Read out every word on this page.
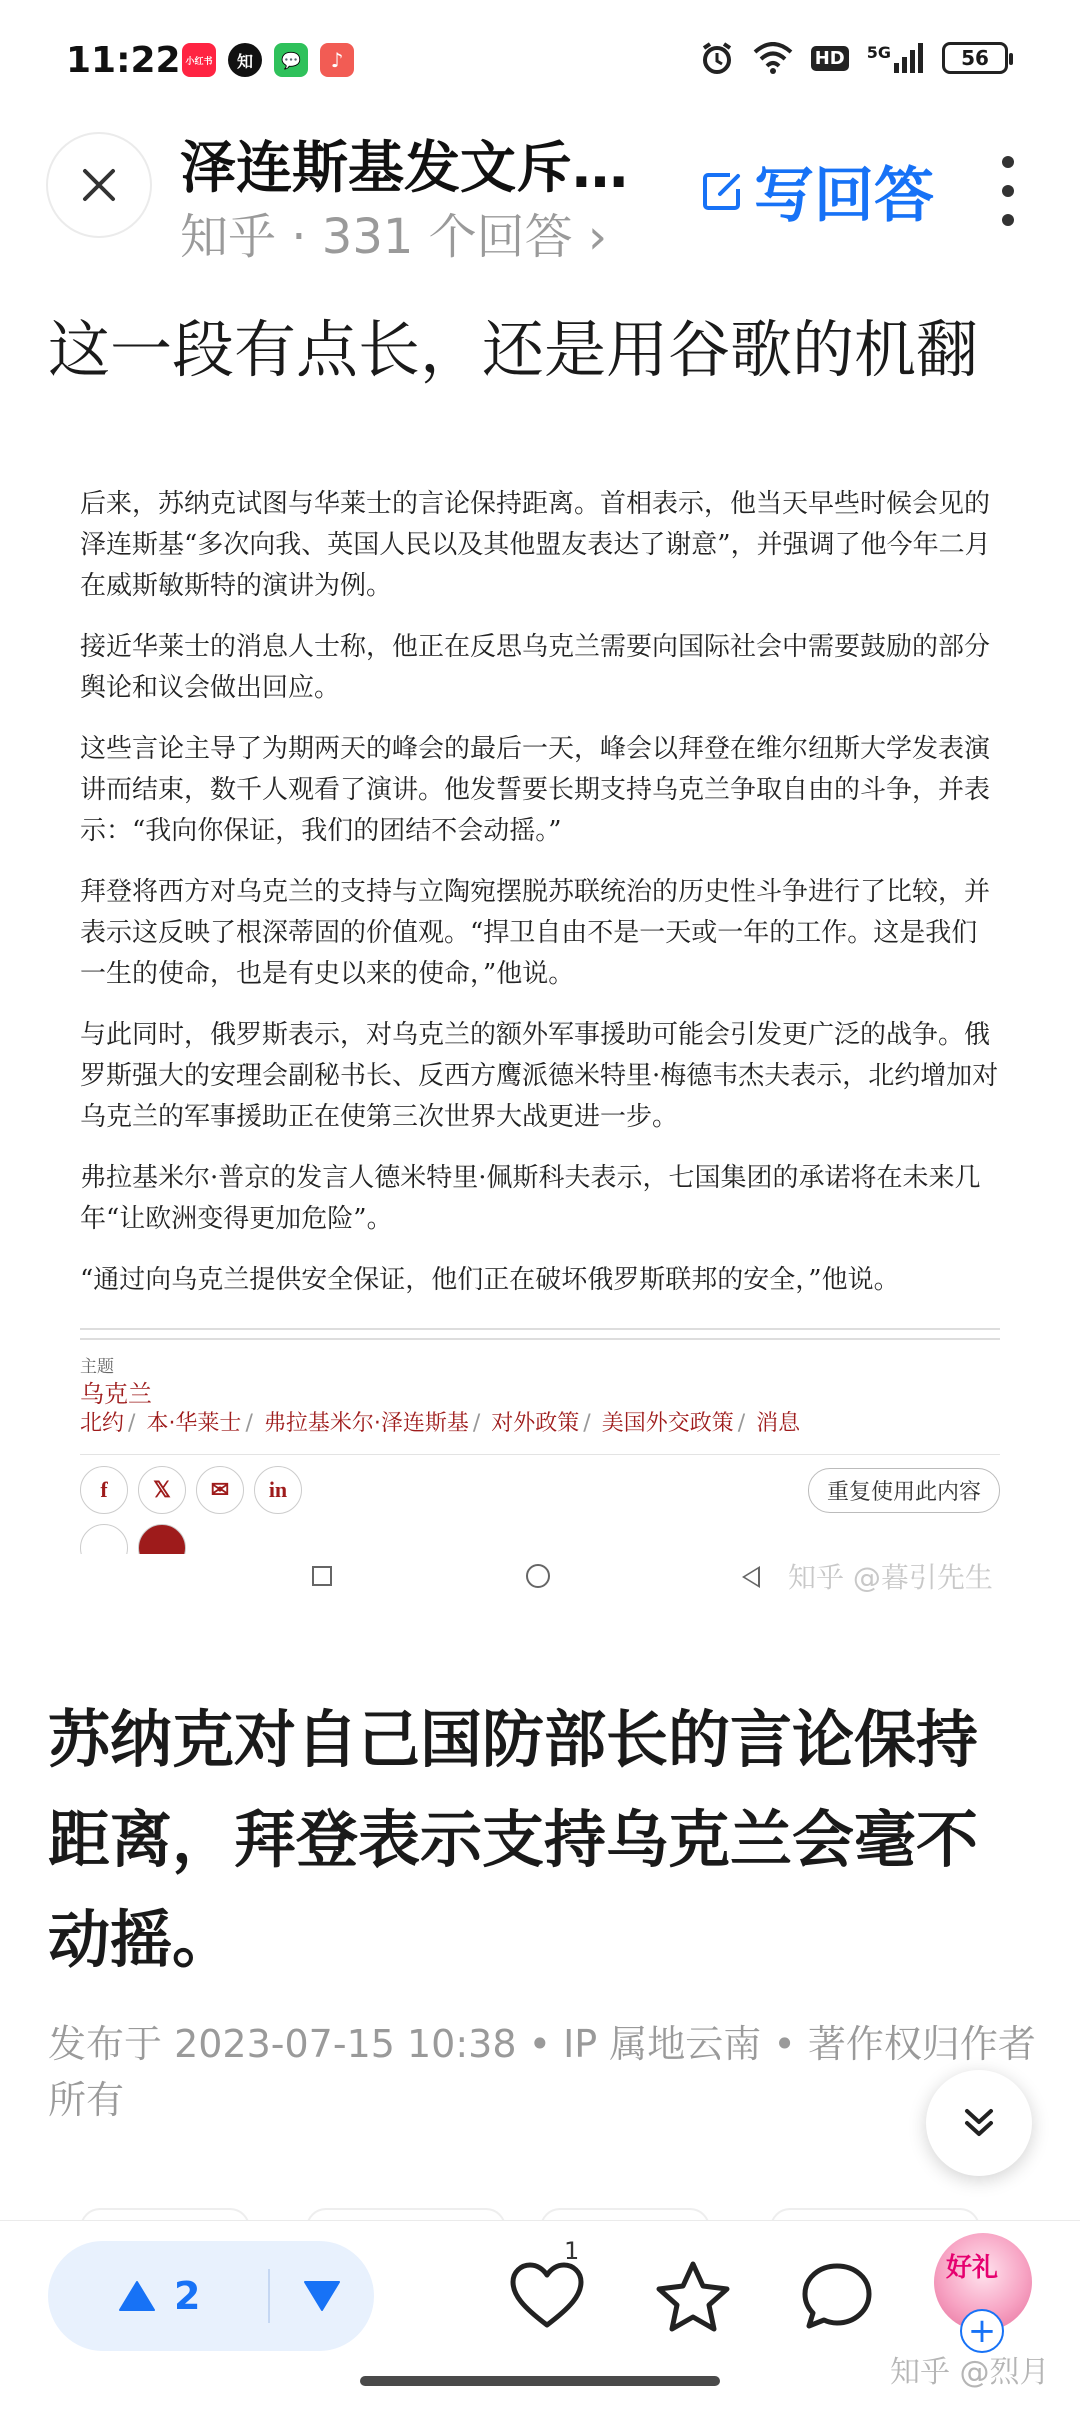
11:22 小红书	知	💬	♪	HD 5G	56
泽连斯基发文斥…
知乎 · 331 个回答 ›
写回答
这一段有点长，还是用谷歌的机翻

后来，苏纳克试图与华莱士的言论保持距离。首相表示，他当天早些时候会见的泽连斯基“多次向我、英国人民以及其他盟友表达了谢意”，并强调了他今年二月在威斯敏斯特的演讲为例。

接近华莱士的消息人士称，他正在反思乌克兰需要向国际社会中需要鼓励的部分舆论和议会做出回应。

这些言论主导了为期两天的峰会的最后一天，峰会以拜登在维尔纽斯大学发表演讲而结束，数千人观看了演讲。他发誓要长期支持乌克兰争取自由的斗争，并表示：“我向你保证，我们的团结不会动摇。”

拜登将西方对乌克兰的支持与立陶宛摆脱苏联统治的历史性斗争进行了比较，并表示这反映了根深蒂固的价值观。“捍卫自由不是一天或一年的工作。这是我们一生的使命，也是有史以来的使命，”他说。

与此同时，俄罗斯表示，对乌克兰的额外军事援助可能会引发更广泛的战争。俄罗斯强大的安理会副秘书长、反西方鹰派德米特里·梅德韦杰夫表示，北约增加对乌克兰的军事援助正在使第三次世界大战更进一步。

弗拉基米尔·普京的发言人德米特里·佩斯科夫表示，七国集团的承诺将在未来几年“让欧洲变得更加危险”。

“通过向乌克兰提供安全保证，他们正在破坏俄罗斯联邦的安全，”他说。

主题
乌克兰
北约 / 本·华莱士 / 弗拉基米尔·泽连斯基 / 对外政策 / 美国外交政策 / 消息
f	𝕏	✉	in	重复使用此内容
知乎 @暮引先生
苏纳克对自己国防部长的言论保持距离，拜登表示支持乌克兰会毫不动摇。
发布于 2023-07-15 10:38 • IP 属地云南 • 著作权归作者所有
2
1
好礼
+
知乎 @烈月
